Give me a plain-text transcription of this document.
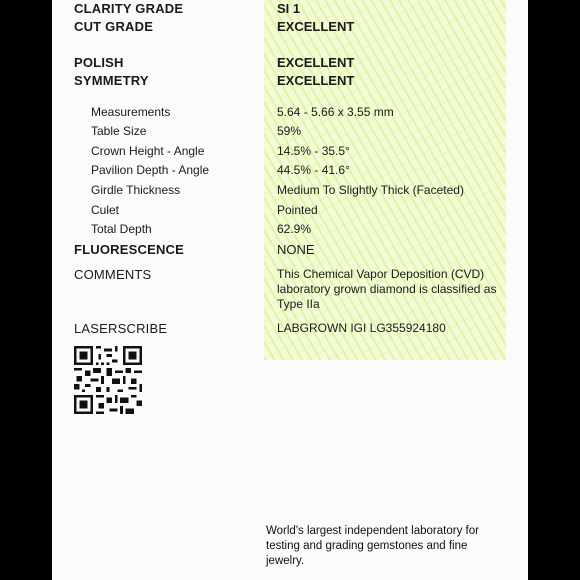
CLARITY GRADE	SI 1
CUT GRADE	EXCELLENT
POLISH	EXCELLENT
SYMMETRY	EXCELLENT
Measurements	5.64 - 5.66 x 3.55 mm
Table Size	59%
Crown Height - Angle	14.5% - 35.5°
Pavilion Depth - Angle	44.5% - 41.6°
Girdle Thickness	Medium To Slightly Thick (Faceted)
Culet	Pointed
Total Depth	62.9%
FLUORESCENCE	NONE
COMMENTS	This Chemical Vapor Deposition (CVD) laboratory grown diamond is classified as Type IIa
LASERSCRIBE	LABGROWN IGI LG355924180
World's largest independent laboratory for testing and grading gemstones and fine jewelry.
